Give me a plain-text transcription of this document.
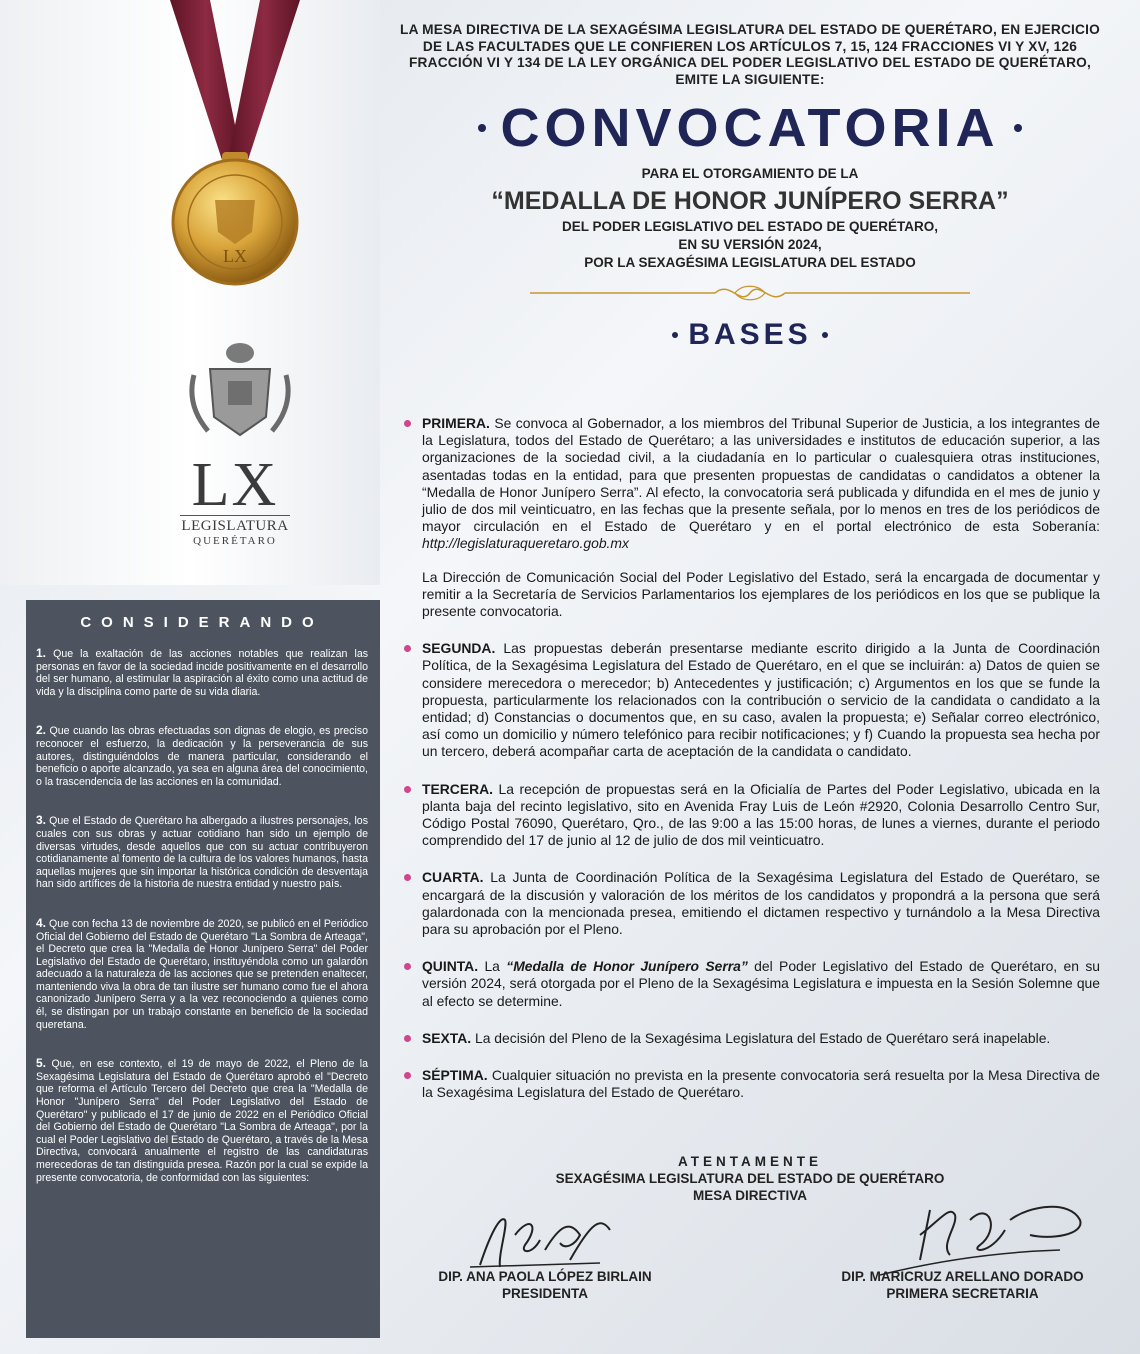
LX
LX
LEGISLATURA
QUERÉTARO
CONSIDERANDO

1. Que la exaltación de las acciones notables que realizan las personas en favor de la sociedad incide positivamente en el desarrollo del ser humano, al estimular la aspiración al éxito como una actitud de vida y la disciplina como parte de su vida diaria.

2. Que cuando las obras efectuadas son dignas de elogio, es preciso reconocer el esfuerzo, la dedicación y la perseverancia de sus autores, distinguiéndolos de manera particular, considerando el beneficio o aporte alcanzado, ya sea en alguna área del conocimiento, o la trascendencia de las acciones en la comunidad.

3. Que el Estado de Querétaro ha albergado a ilustres personajes, los cuales con sus obras y actuar cotidiano han sido un ejemplo de diversas virtudes, desde aquellos que con su actuar contribuyeron cotidianamente al fomento de la cultura de los valores humanos, hasta aquellas mujeres que sin importar la histórica condición de desventaja han sido artífices de la historia de nuestra entidad y nuestro país.

4. Que con fecha 13 de noviembre de 2020, se publicó en el Periódico Oficial del Gobierno del Estado de Querétaro "La Sombra de Arteaga", el Decreto que crea la "Medalla de Honor Junípero Serra" del Poder Legislativo del Estado de Querétaro, instituyéndola como un galardón adecuado a la naturaleza de las acciones que se pretenden enaltecer, manteniendo viva la obra de tan ilustre ser humano como fue el ahora canonizado Junípero Serra y a la vez reconociendo a quienes como él, se distingan por un trabajo constante en beneficio de la sociedad queretana.

5. Que, en ese contexto, el 19 de mayo de 2022, el Pleno de la Sexagésima Legislatura del Estado de Querétaro aprobó el "Decreto que reforma el Artículo Tercero del Decreto que crea la "Medalla de Honor "Junípero Serra" del Poder Legislativo del Estado de Querétaro" y publicado el 17 de junio de 2022 en el Periódico Oficial del Gobierno del Estado de Querétaro "La Sombra de Arteaga", por la cual el Poder Legislativo del Estado de Querétaro, a través de la Mesa Directiva, convocará anualmente el registro de las candidaturas merecedoras de tan distinguida presea. Razón por la cual se expide la presente convocatoria, de conformidad con las siguientes:

LA MESA DIRECTIVA DE LA SEXAGÉSIMA LEGISLATURA DEL ESTADO DE QUERÉTARO, EN EJERCICIO DE LAS FACULTADES QUE LE CONFIEREN LOS ARTÍCULOS 7, 15, 124 FRACCIONES VI Y XV, 126 FRACCIÓN VI Y 134 DE LA LEY ORGÁNICA DEL PODER LEGISLATIVO DEL ESTADO DE QUERÉTARO, EMITE LA SIGUIENTE:
CONVOCATORIA
PARA EL OTORGAMIENTO DE LA
“MEDALLA DE HONOR JUNÍPERO SERRA”
DEL PODER LEGISLATIVO DEL ESTADO DE QUERÉTARO,
EN SU VERSIÓN 2024,
POR LA SEXAGÉSIMA LEGISLATURA DEL ESTADO
BASES

PRIMERA. Se convoca al Gobernador, a los miembros del Tribunal Superior de Justicia, a los integrantes de la Legislatura, todos del Estado de Querétaro; a las universidades e institutos de educación superior, a las organizaciones de la sociedad civil, a la ciudadanía en lo particular o cualesquiera otras instituciones, asentadas todas en la entidad, para que presenten propuestas de candidatas o candidatos a obtener la “Medalla de Honor Junípero Serra”. Al efecto, la convocatoria será publicada y difundida en el mes de junio y julio de dos mil veinticuatro, en las fechas que la presente señala, por lo menos en tres de los periódicos de mayor circulación en el Estado de Querétaro y en el portal electrónico de esta Soberanía: http://legislaturaqueretaro.gob.mx

La Dirección de Comunicación Social del Poder Legislativo del Estado, será la encargada de documentar y remitir a la Secretaría de Servicios Parlamentarios los ejemplares de los periódicos en los que se publique la presente convocatoria.

SEGUNDA. Las propuestas deberán presentarse mediante escrito dirigido a la Junta de Coordinación Política, de la Sexagésima Legislatura del Estado de Querétaro, en el que se incluirán: a) Datos de quien se considere merecedora o merecedor; b) Antecedentes y justificación; c) Argumentos en los que se funde la propuesta, particularmente los relacionados con la contribución o servicio de la candidata o candidato a la entidad; d) Constancias o documentos que, en su caso, avalen la propuesta; e) Señalar correo electrónico, así como un domicilio y número telefónico para recibir notificaciones; y f) Cuando la propuesta sea hecha por un tercero, deberá acompañar carta de aceptación de la candidata o candidato.

TERCERA. La recepción de propuestas será en la Oficialía de Partes del Poder Legislativo, ubicada en la planta baja del recinto legislativo, sito en Avenida Fray Luis de León #2920, Colonia Desarrollo Centro Sur, Código Postal 76090, Querétaro, Qro., de las 9:00 a las 15:00 horas, de lunes a viernes, durante el periodo comprendido del 17 de junio al 12 de julio de dos mil veinticuatro.

CUARTA. La Junta de Coordinación Política de la Sexagésima Legislatura del Estado de Querétaro, se encargará de la discusión y valoración de los méritos de los candidatos y propondrá a la persona que será galardonada con la mencionada presea, emitiendo el dictamen respectivo y turnándolo a la Mesa Directiva para su aprobación por el Pleno.

QUINTA. La “Medalla de Honor Junípero Serra” del Poder Legislativo del Estado de Querétaro, en su versión 2024, será otorgada por el Pleno de la Sexagésima Legislatura e impuesta en la Sesión Solemne que al efecto se determine.

SEXTA. La decisión del Pleno de la Sexagésima Legislatura del Estado de Querétaro será inapelable.

SÉPTIMA. Cualquier situación no prevista en la presente convocatoria será resuelta por la Mesa Directiva de la Sexagésima Legislatura del Estado de Querétaro.

ATENTAMENTE
SEXAGÉSIMA LEGISLATURA DEL ESTADO DE QUERÉTARO
MESA DIRECTIVA
DIP. ANA PAOLA LÓPEZ BIRLAIN
PRESIDENTA
DIP. MARICRUZ ARELLANO DORADO
PRIMERA SECRETARIA
